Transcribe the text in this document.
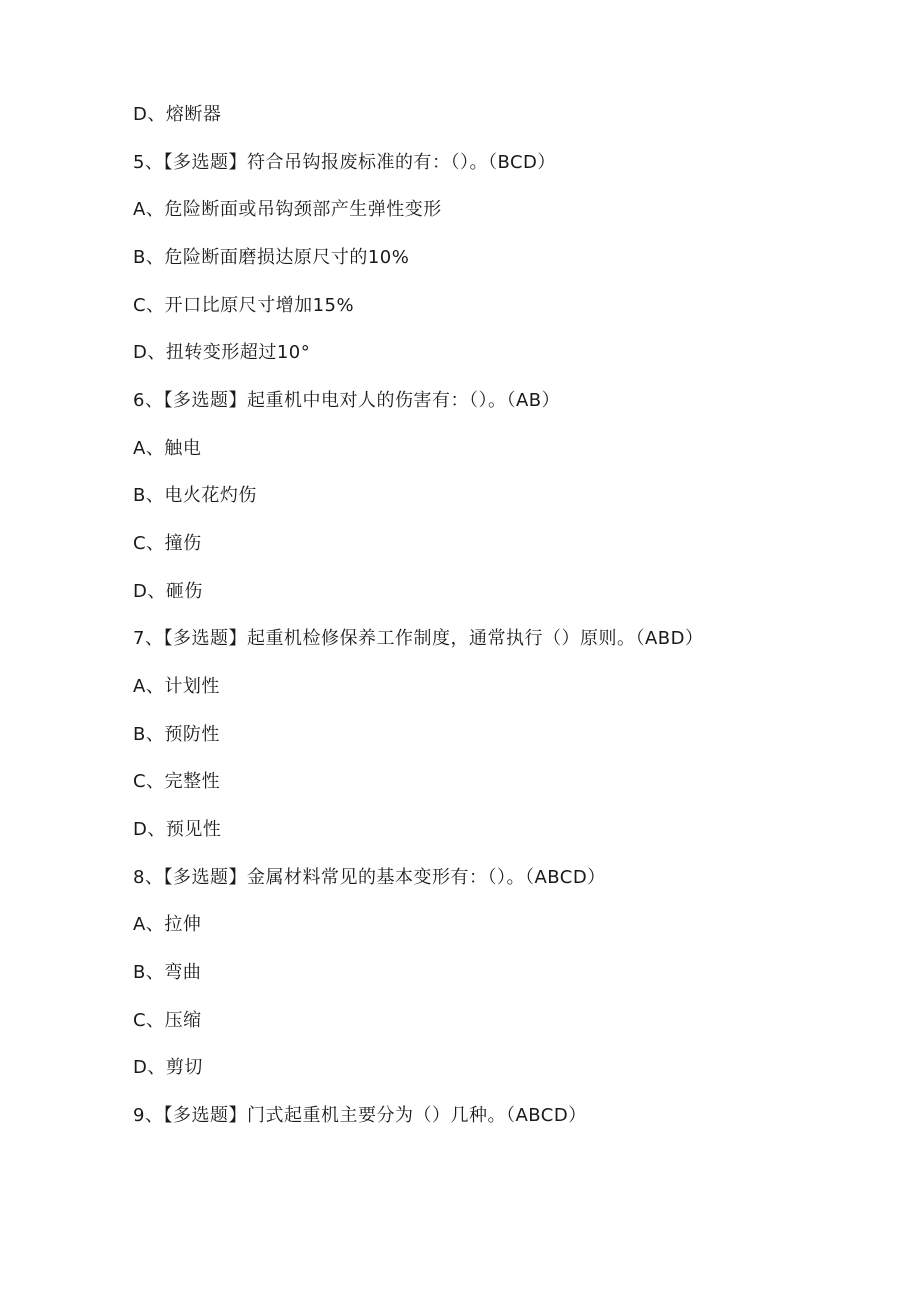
D、熔断器
5、【多选题】符合吊钩报废标准的有：（）。（BCD）
A、危险断面或吊钩颈部产生弹性变形
B、危险断面磨损达原尺寸的10%
C、开口比原尺寸增加15%
D、扭转变形超过10°
6、【多选题】起重机中电对人的伤害有：（）。（AB）
A、触电
B、电火花灼伤
C、撞伤
D、砸伤
7、【多选题】起重机检修保养工作制度，通常执行（）原则。（ABD）
A、计划性
B、预防性
C、完整性
D、预见性
8、【多选题】金属材料常见的基本变形有：（）。（ABCD）
A、拉伸
B、弯曲
C、压缩
D、剪切
9、【多选题】门式起重机主要分为（）几种。（ABCD）
